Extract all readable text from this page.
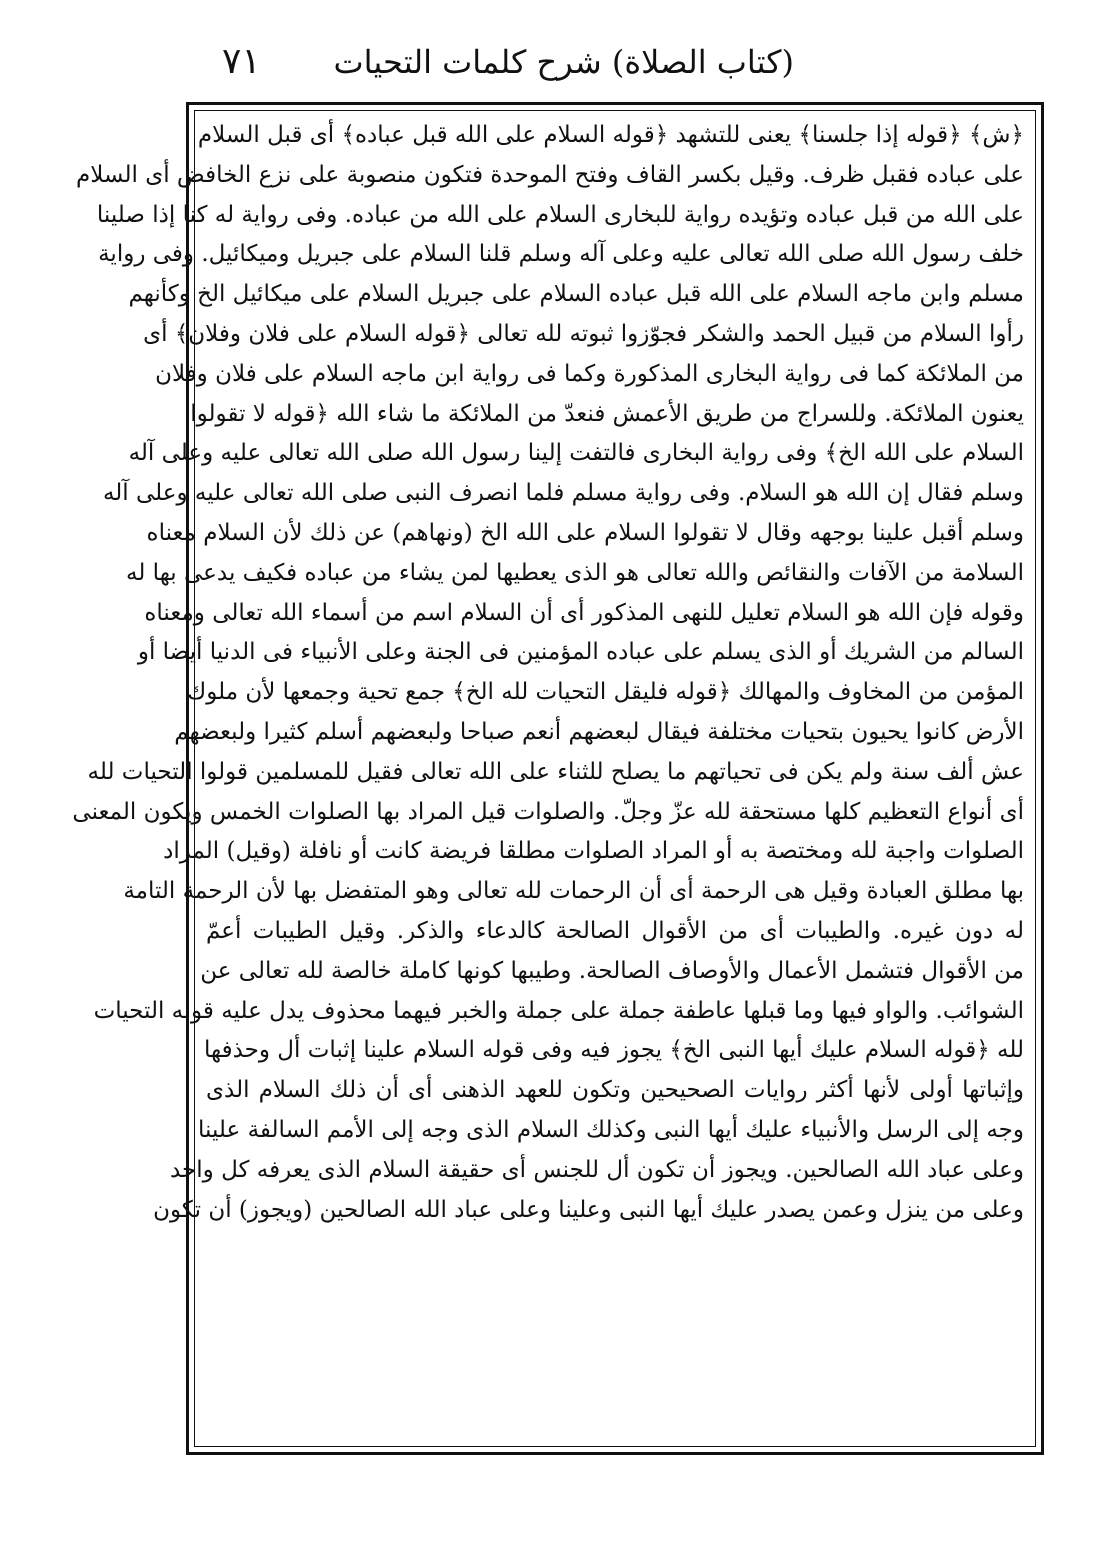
٧١ (كتاب الصلاة) شرح كلمات التحيات
﴿ش﴾ ﴿قوله إذا جلسنا﴾ يعنى للتشهد ﴿قوله السلام على الله قبل عباده﴾ أى قبل السلام
على عباده فقبل ظرف. وقيل بكسر القاف وفتح الموحدة فتكون منصوبة على نزع الخافض أى السلام
على الله من قبل عباده وتؤيده رواية للبخارى السلام على الله من عباده. وفى رواية له كنا إذا صلينا
خلف رسول الله صلى الله تعالى عليه وعلى آله وسلم قلنا السلام على جبريل وميكائيل. وفى رواية
مسلم وابن ماجه السلام على الله قبل عباده السلام على جبريل السلام على ميكائيل الخ وكأنهم
رأوا السلام من قبيل الحمد والشكر فجوّزوا ثبوته لله تعالى ﴿قوله السلام على فلان وفلان﴾ أى
من الملائكة كما فى رواية البخارى المذكورة وكما فى رواية ابن ماجه السلام على فلان وفلان
يعنون الملائكة. وللسراج من طريق الأعمش فنعدّ من الملائكة ما شاء الله ﴿قوله لا تقولوا
السلام على الله الخ﴾ وفى رواية البخارى فالتفت إلينا رسول الله صلى الله تعالى عليه وعلى آله
وسلم فقال إن الله هو السلام. وفى رواية مسلم فلما انصرف النبى صلى الله تعالى عليه وعلى آله
وسلم أقبل علينا بوجهه وقال لا تقولوا السلام على الله الخ (ونهاهم) عن ذلك لأن السلام معناه
السلامة من الآفات والنقائص والله تعالى هو الذى يعطيها لمن يشاء من عباده فكيف يدعى بها له
وقوله فإن الله هو السلام تعليل للنهى المذكور أى أن السلام اسم من أسماء الله تعالى ومعناه
السالم من الشريك أو الذى يسلم على عباده المؤمنين فى الجنة وعلى الأنبياء فى الدنيا أيضا أو
المؤمن من المخاوف والمهالك ﴿قوله فليقل التحيات لله الخ﴾ جمع تحية وجمعها لأن ملوك
الأرض كانوا يحيون بتحيات مختلفة فيقال لبعضهم أنعم صباحا ولبعضهم أسلم كثيرا ولبعضهم
عش ألف سنة ولم يكن فى تحياتهم ما يصلح للثناء على الله تعالى فقيل للمسلمين قولوا التحيات لله
أى أنواع التعظيم كلها مستحقة لله عزّ وجلّ. والصلوات قيل المراد بها الصلوات الخمس ويكون المعنى
الصلوات واجبة لله ومختصة به أو المراد الصلوات مطلقا فريضة كانت أو نافلة (وقيل) المراد
بها مطلق العبادة وقيل هى الرحمة أى أن الرحمات لله تعالى وهو المتفضل بها لأن الرحمة التامة
له دون غيره. والطيبات أى من الأقوال الصالحة كالدعاء والذكر. وقيل الطيبات أعمّ
من الأقوال فتشمل الأعمال والأوصاف الصالحة. وطيبها كونها كاملة خالصة لله تعالى عن
الشوائب. والواو فيها وما قبلها عاطفة جملة على جملة والخبر فيهما محذوف يدل عليه قوله التحيات
لله ﴿قوله السلام عليك أيها النبى الخ﴾ يجوز فيه وفى قوله السلام علينا إثبات أل وحذفها
وإثباتها أولى لأنها أكثر روايات الصحيحين وتكون للعهد الذهنى أى أن ذلك السلام الذى
وجه إلى الرسل والأنبياء عليك أيها النبى وكذلك السلام الذى وجه إلى الأمم السالفة علينا
وعلى عباد الله الصالحين. ويجوز أن تكون أل للجنس أى حقيقة السلام الذى يعرفه كل واحد
وعلى من ينزل وعمن يصدر عليك أيها النبى وعلينا وعلى عباد الله الصالحين (ويجوز) أن تكون
